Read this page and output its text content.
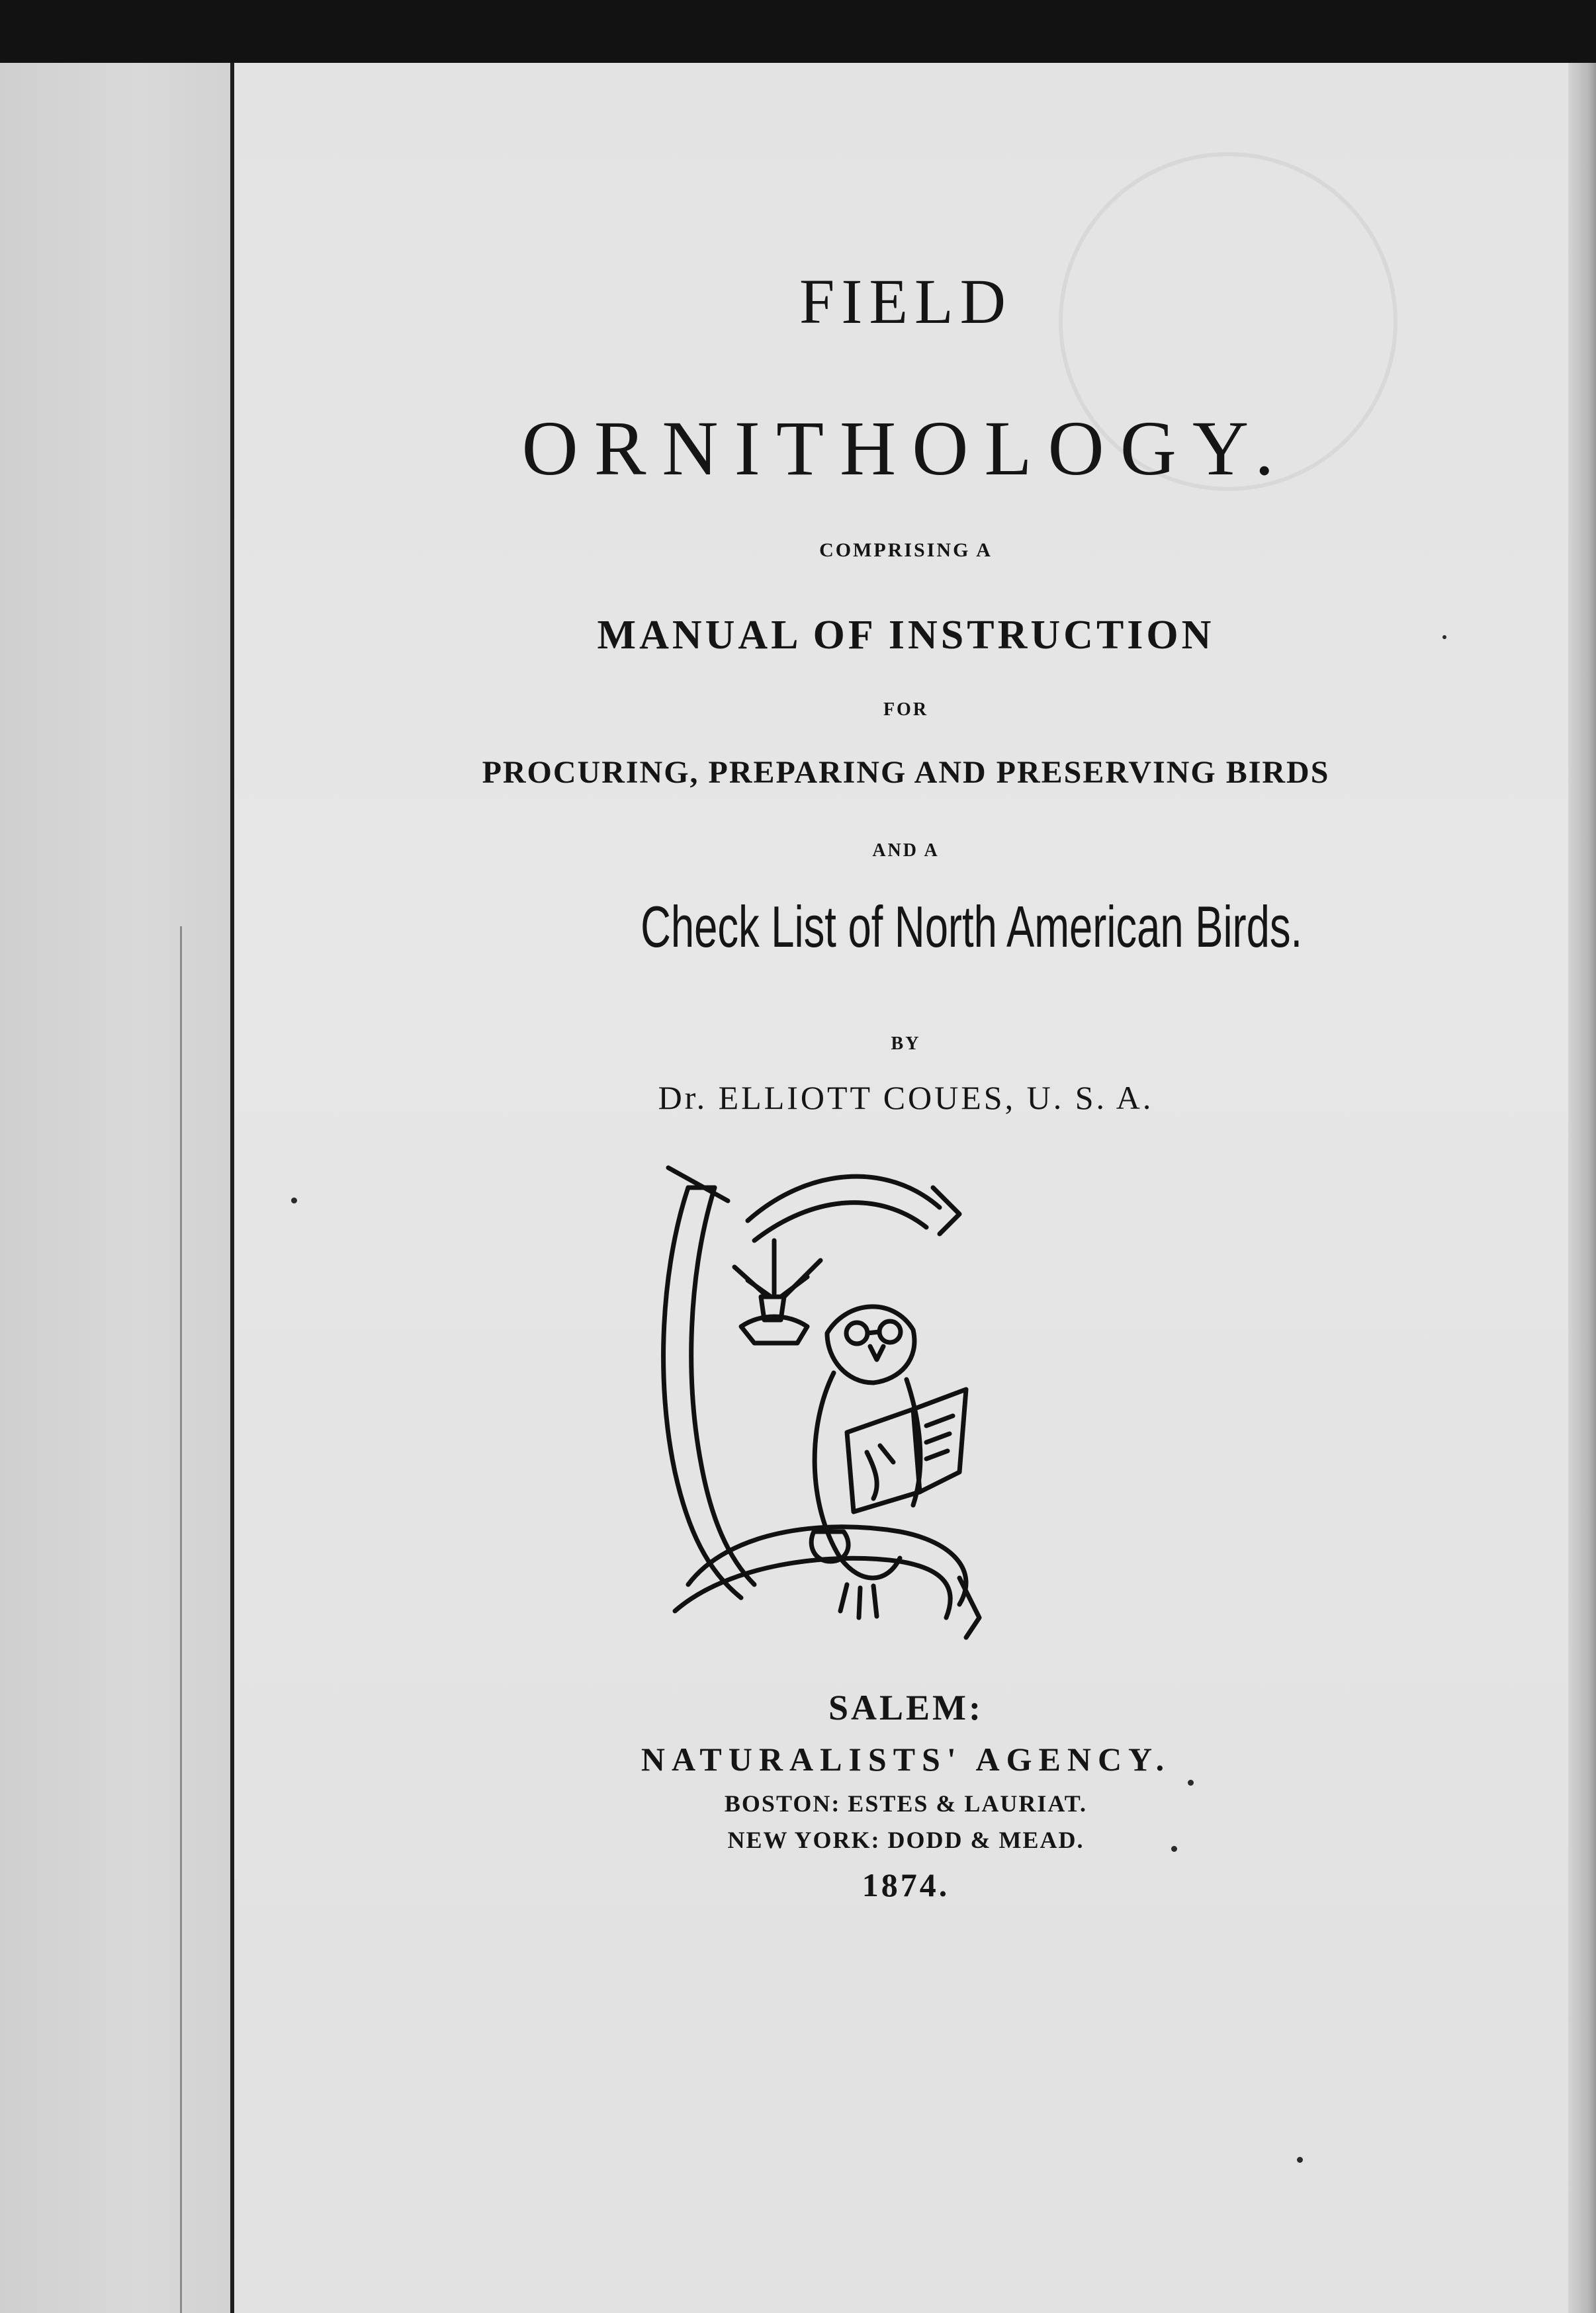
FIELD
ORNITHOLOGY.
COMPRISING A
MANUAL OF INSTRUCTION
FOR
PROCURING, PREPARING AND PRESERVING BIRDS
AND A
Check List of North American Birds.
BY
Dr. ELLIOTT COUES, U. S. A.
SALEM:
NATURALISTS' AGENCY.
BOSTON: ESTES & LAURIAT.
NEW YORK: DODD & MEAD.
1874.
